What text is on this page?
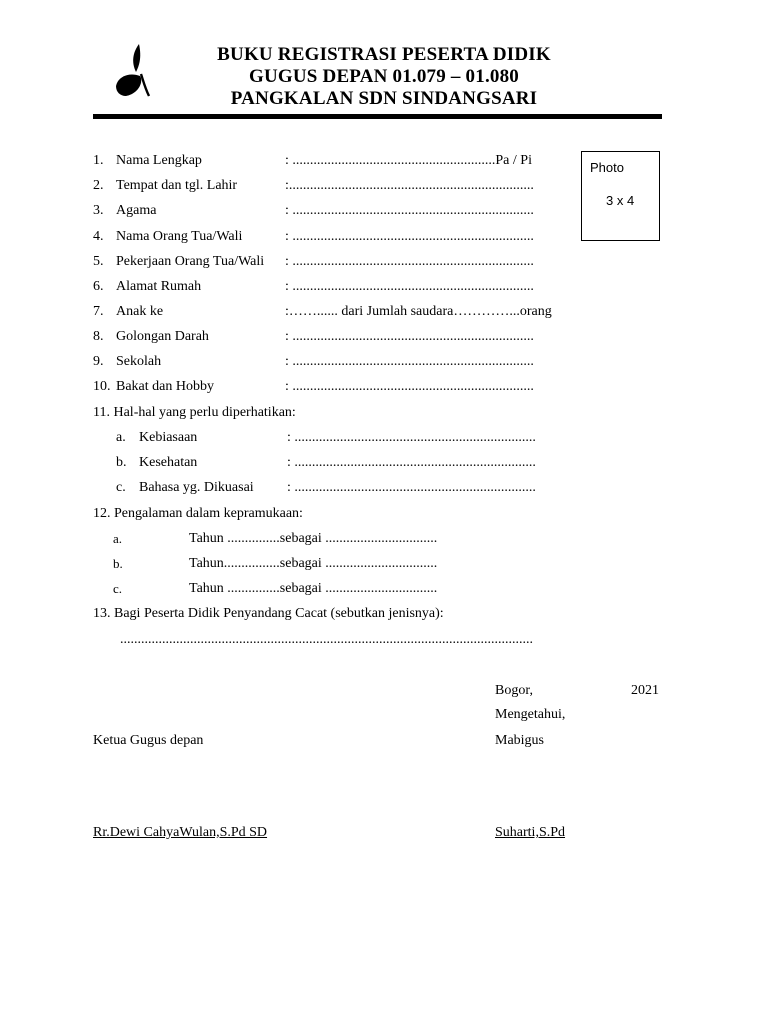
BUKU REGISTRASI PESERTA DIDIK
GUGUS DEPAN 01.079 – 01.080
PANGKALAN SDN SINDANGSARI
Photo
3 x 4
1. Nama Lengkap	: ..........................................................Pa / Pi
2. Tempat dan tgl. Lahir	:......................................................................
3. Agama	: .....................................................................
4. Nama Orang Tua/Wali	: .....................................................................
5. Pekerjaan Orang Tua/Wali : .....................................................................
6. Alamat Rumah	: .....................................................................
7. Anak ke	:……...... dari Jumlah saudara…………...orang
8. Golongan Darah	: .....................................................................
9. Sekolah	: .....................................................................
10. Bakat dan Hobby	: .....................................................................
11. Hal-hal yang perlu diperhatikan:
a. Kebiasaan	: .....................................................................
b. Kesehatan	: .....................................................................
c. Bahasa yg. Dikuasai : .....................................................................
12. Pengalaman dalam kepramukaan:
a.	Tahun ...............sebagai ................................
b.	Tahun................sebagai ................................
c.	Tahun ...............sebagai ................................
13. Bagi Peserta Didik Penyandang Cacat (sebutkan jenisnya):
......................................................................................................................
Bogor,	2021
Mengetahui,
Ketua Gugus depan	Mabigus
Rr.Dewi CahyaWulan,S.Pd SD	Suharti,S.Pd
